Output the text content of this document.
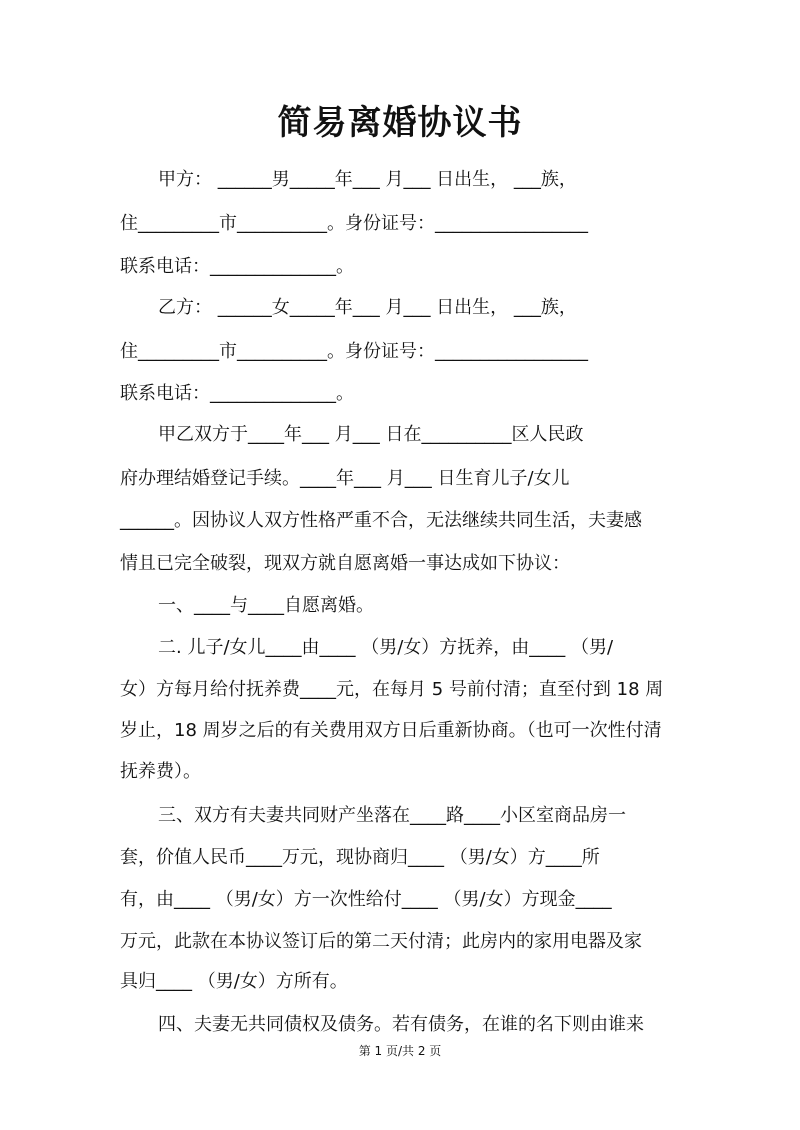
简易离婚协议书

甲方： ______男_____年___ 月___ 日出生， ___族，

住_________市__________。身份证号：_________________

联系电话：______________。

乙方： ______女_____年___ 月___ 日出生， ___族，

住_________市__________。身份证号：_________________

联系电话：______________。

甲乙双方于____年___ 月___ 日在__________区人民政

府办理结婚登记手续。____年___ 月___ 日生育儿子/女儿

______。因协议人双方性格严重不合，无法继续共同生活，夫妻感

情且已完全破裂，现双方就自愿离婚一事达成如下协议：

一、____与____自愿离婚。

二. 儿子/女儿____由____ （男/女）方抚养，由____ （男/

女）方每月给付抚养费____元，在每月 5 号前付清；直至付到 18 周

岁止，18 周岁之后的有关费用双方日后重新协商。（也可一次性付清

抚养费）。

三、双方有夫妻共同财产坐落在____路____小区室商品房一

套，价值人民币____万元，现协商归____ （男/女）方____所

有，由____ （男/女）方一次性给付____ （男/女）方现金____

万元，此款在本协议签订后的第二天付清；此房内的家用电器及家

具归____ （男/女）方所有。

四、夫妻无共同债权及债务。若有债务，在谁的名下则由谁来

第 1 页/共 2 页
